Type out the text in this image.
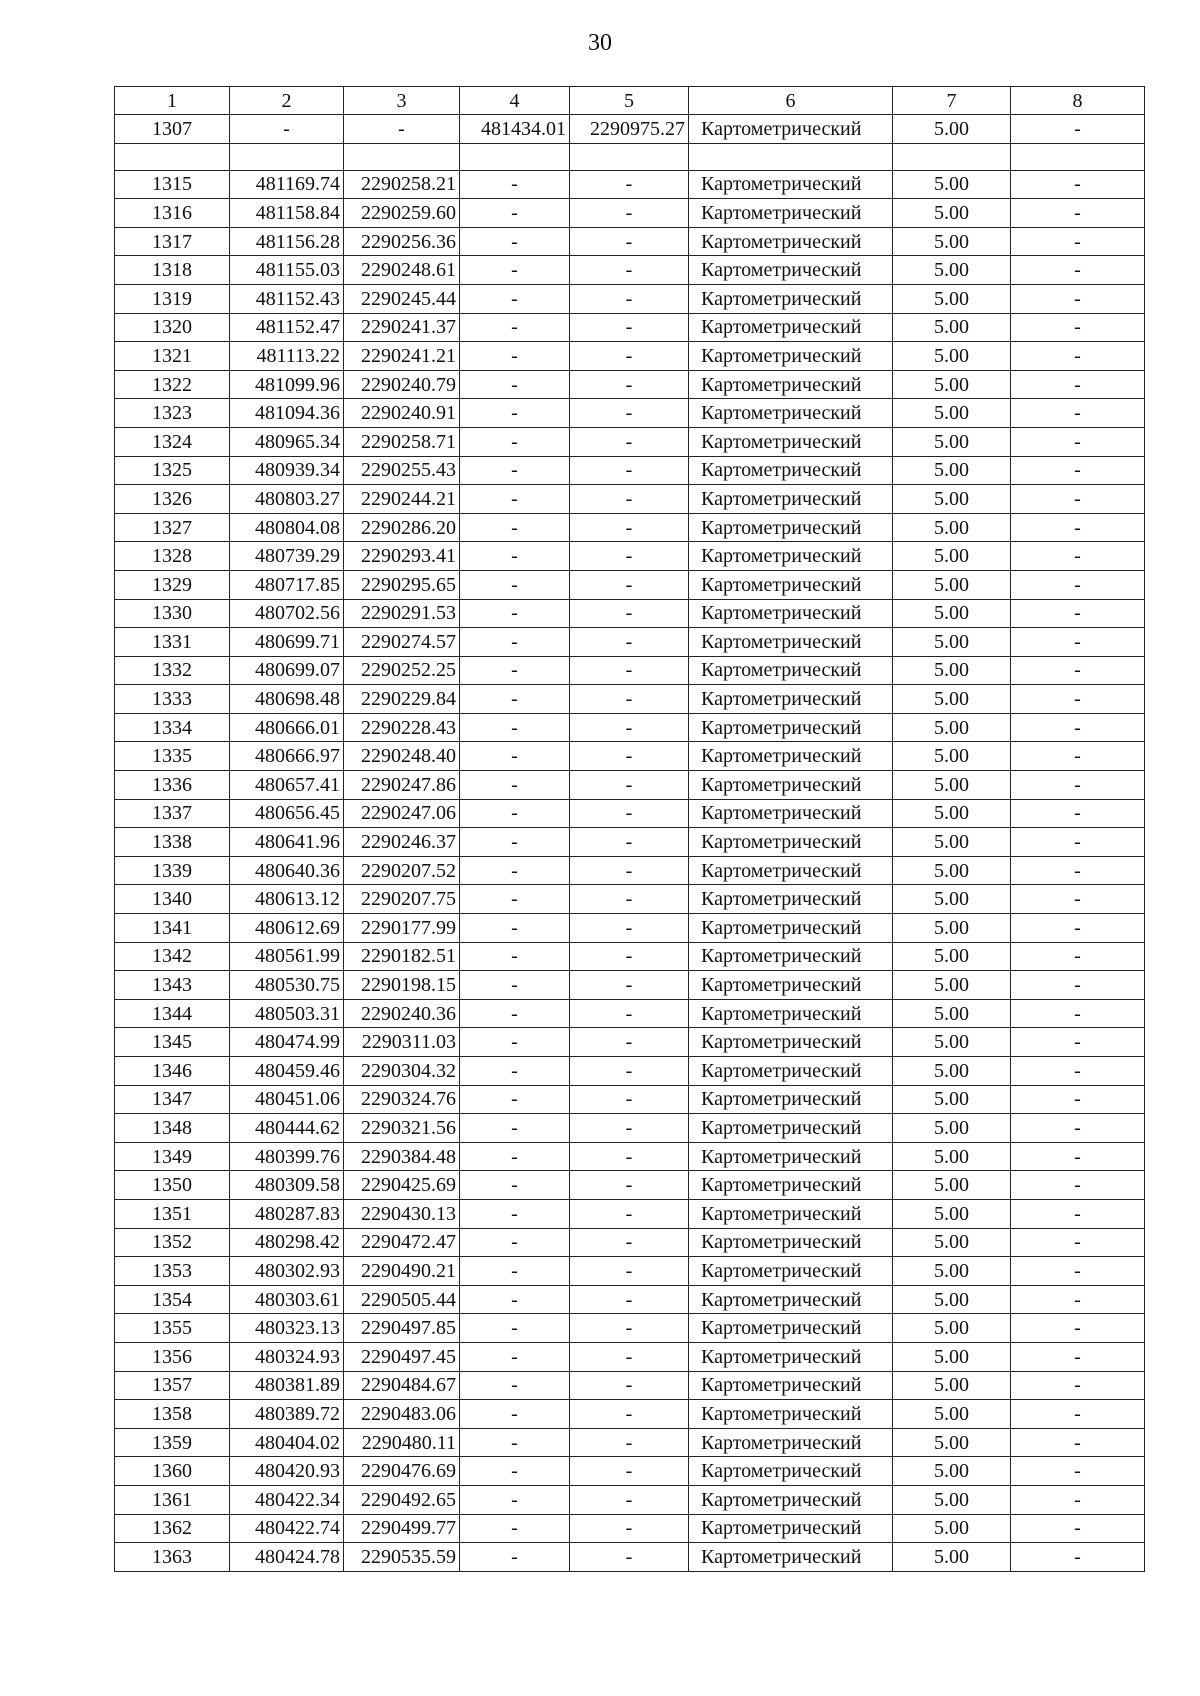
30
1	2	3	4	5	6	7	8
1307	-	-	481434.01	2290975.27	Картометрический	5.00	-

1315	481169.74	2290258.21	-	-	Картометрический	5.00	-
1316	481158.84	2290259.60	-	-	Картометрический	5.00	-
1317	481156.28	2290256.36	-	-	Картометрический	5.00	-
1318	481155.03	2290248.61	-	-	Картометрический	5.00	-
1319	481152.43	2290245.44	-	-	Картометрический	5.00	-
1320	481152.47	2290241.37	-	-	Картометрический	5.00	-
1321	481113.22	2290241.21	-	-	Картометрический	5.00	-
1322	481099.96	2290240.79	-	-	Картометрический	5.00	-
1323	481094.36	2290240.91	-	-	Картометрический	5.00	-
1324	480965.34	2290258.71	-	-	Картометрический	5.00	-
1325	480939.34	2290255.43	-	-	Картометрический	5.00	-
1326	480803.27	2290244.21	-	-	Картометрический	5.00	-
1327	480804.08	2290286.20	-	-	Картометрический	5.00	-
1328	480739.29	2290293.41	-	-	Картометрический	5.00	-
1329	480717.85	2290295.65	-	-	Картометрический	5.00	-
1330	480702.56	2290291.53	-	-	Картометрический	5.00	-
1331	480699.71	2290274.57	-	-	Картометрический	5.00	-
1332	480699.07	2290252.25	-	-	Картометрический	5.00	-
1333	480698.48	2290229.84	-	-	Картометрический	5.00	-
1334	480666.01	2290228.43	-	-	Картометрический	5.00	-
1335	480666.97	2290248.40	-	-	Картометрический	5.00	-
1336	480657.41	2290247.86	-	-	Картометрический	5.00	-
1337	480656.45	2290247.06	-	-	Картометрический	5.00	-
1338	480641.96	2290246.37	-	-	Картометрический	5.00	-
1339	480640.36	2290207.52	-	-	Картометрический	5.00	-
1340	480613.12	2290207.75	-	-	Картометрический	5.00	-
1341	480612.69	2290177.99	-	-	Картометрический	5.00	-
1342	480561.99	2290182.51	-	-	Картометрический	5.00	-
1343	480530.75	2290198.15	-	-	Картометрический	5.00	-
1344	480503.31	2290240.36	-	-	Картометрический	5.00	-
1345	480474.99	2290311.03	-	-	Картометрический	5.00	-
1346	480459.46	2290304.32	-	-	Картометрический	5.00	-
1347	480451.06	2290324.76	-	-	Картометрический	5.00	-
1348	480444.62	2290321.56	-	-	Картометрический	5.00	-
1349	480399.76	2290384.48	-	-	Картометрический	5.00	-
1350	480309.58	2290425.69	-	-	Картометрический	5.00	-
1351	480287.83	2290430.13	-	-	Картометрический	5.00	-
1352	480298.42	2290472.47	-	-	Картометрический	5.00	-
1353	480302.93	2290490.21	-	-	Картометрический	5.00	-
1354	480303.61	2290505.44	-	-	Картометрический	5.00	-
1355	480323.13	2290497.85	-	-	Картометрический	5.00	-
1356	480324.93	2290497.45	-	-	Картометрический	5.00	-
1357	480381.89	2290484.67	-	-	Картометрический	5.00	-
1358	480389.72	2290483.06	-	-	Картометрический	5.00	-
1359	480404.02	2290480.11	-	-	Картометрический	5.00	-
1360	480420.93	2290476.69	-	-	Картометрический	5.00	-
1361	480422.34	2290492.65	-	-	Картометрический	5.00	-
1362	480422.74	2290499.77	-	-	Картометрический	5.00	-
1363	480424.78	2290535.59	-	-	Картометрический	5.00	-
